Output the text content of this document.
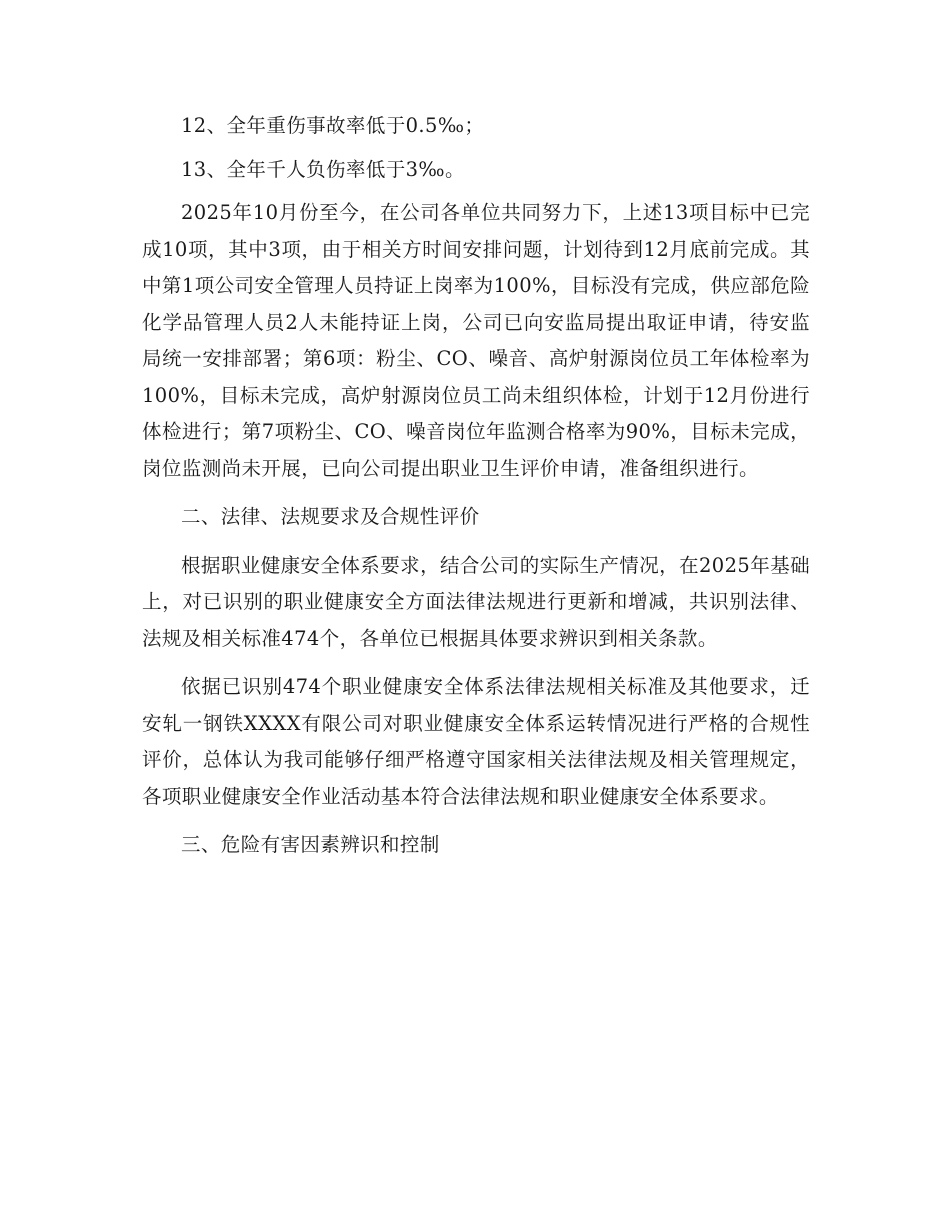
12、全年重伤事故率低于0.5‰；

13、全年千人负伤率低于3‰。

2025年10月份至今，在公司各单位共同努力下，上述13项目标中已完成10项，其中3项，由于相关方时间安排问题，计划待到12月底前完成。其中第1项公司安全管理人员持证上岗率为100%，目标没有完成，供应部危险化学品管理人员2人未能持证上岗，公司已向安监局提出取证申请，待安监局统一安排部署；第6项：粉尘、CO、噪音、高炉射源岗位员工年体检率为100%，目标未完成，高炉射源岗位员工尚未组织体检，计划于12月份进行体检进行；第7项粉尘、CO、噪音岗位年监测合格率为90%，目标未完成，岗位监测尚未开展，已向公司提出职业卫生评价申请，准备组织进行。

二、法律、法规要求及合规性评价

根据职业健康安全体系要求，结合公司的实际生产情况，在2025年基础上，对已识别的职业健康安全方面法律法规进行更新和增减，共识别法律、法规及相关标准474个，各单位已根据具体要求辨识到相关条款。

依据已识别474个职业健康安全体系法律法规相关标准及其他要求，迁安轧一钢铁XXXX有限公司对职业健康安全体系运转情况进行严格的合规性评价，总体认为我司能够仔细严格遵守国家相关法律法规及相关管理规定，各项职业健康安全作业活动基本符合法律法规和职业健康安全体系要求。

三、危险有害因素辨识和控制
